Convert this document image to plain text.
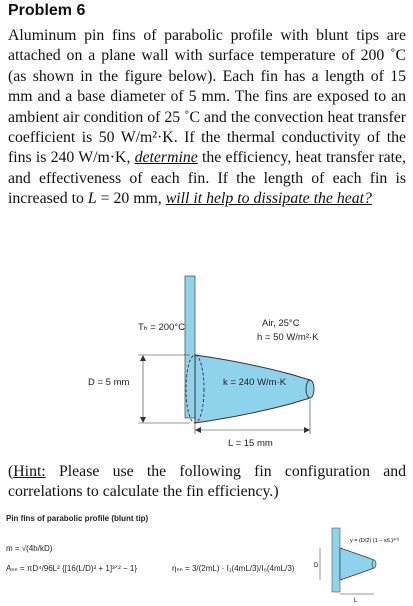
Problem 6
Aluminum pin fins of parabolic profile with blunt tips are attached on a plane wall with surface temperature of 200 ˚C (as shown in the figure below). Each fin has a length of 15 mm and a base diameter of 5 mm. The fins are exposed to an ambient air condition of 25 ˚C and the convection heat transfer coefficient is 50 W/m²·K. If the thermal conductivity of the fins is 240 W/m·K, determine the efficiency, heat transfer rate, and effectiveness of each fin. If the length of each fin is increased to L = 20 mm, will it help to dissipate the heat?
Tₕ = 200°C	Air, 25°C
h = 50 W/m²·K
D = 5 mm	k = 240 W/m·K
L = 15 mm
(Hint: Please use the following fin configuration and correlations to calculate the fin efficiency.)
Pin fins of parabolic profile (blunt tip)
m = √(4h/kD)
Aₙₙ = πD⁴/96L² {[16(L/D)² + 1]³ᐟ² − 1}	ηₙₙ = 3/(2mL) · I₁(4mL/3)/I₀(4mL/3)	D
L
y = (D/2) (1 − x/L)³ᐟ²
